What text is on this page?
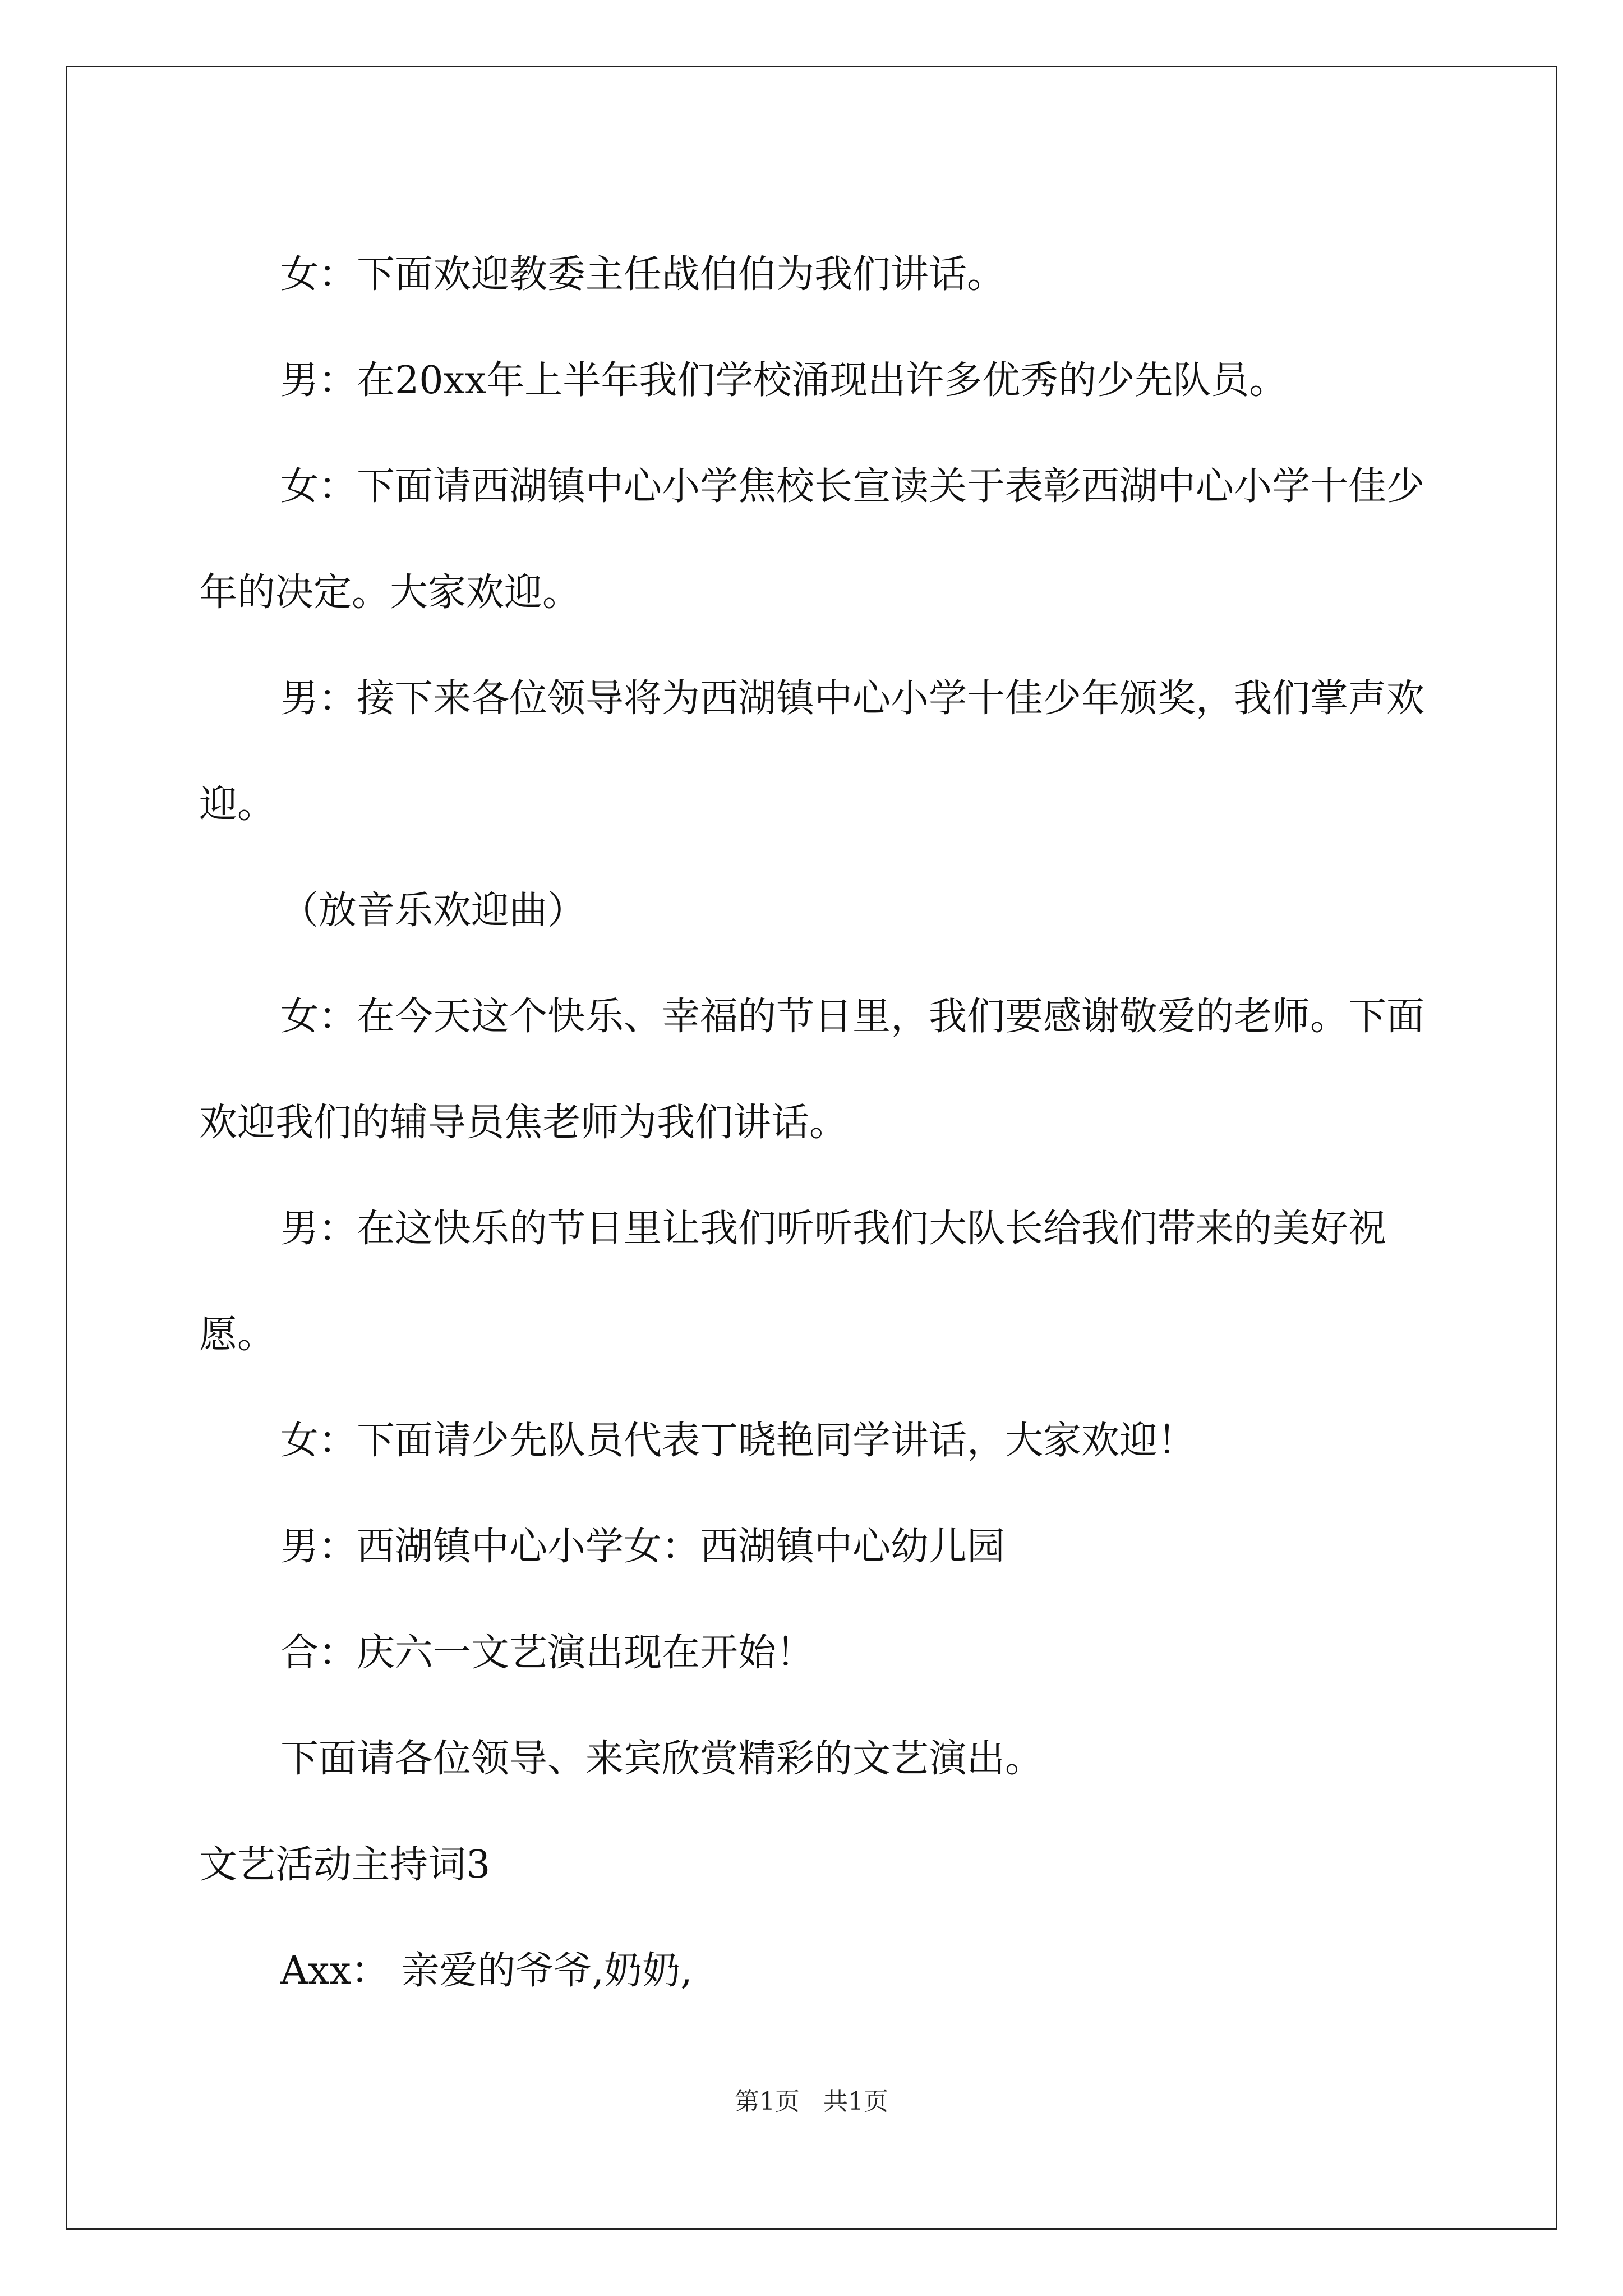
女：下面欢迎教委主任战伯伯为我们讲话。

男：在20xx年上半年我们学校涌现出许多优秀的少先队员。

女：下面请西湖镇中心小学焦校长宣读关于表彰西湖中心小学十佳少年的决定。大家欢迎。

男：接下来各位领导将为西湖镇中心小学十佳少年颁奖，我们掌声欢迎。

（放音乐欢迎曲）

女：在今天这个快乐、幸福的节日里，我们要感谢敬爱的老师。下面欢迎我们的辅导员焦老师为我们讲话。

男：在这快乐的节日里让我们听听我们大队长给我们带来的美好祝愿。

女：下面请少先队员代表丁晓艳同学讲话，大家欢迎！

男：西湖镇中心小学女：西湖镇中心幼儿园

合：庆六一文艺演出现在开始！

下面请各位领导、来宾欣赏精彩的文艺演出。

文艺活动主持词3

Axx： 亲爱的爷爷,奶奶,

第1页   共1页
